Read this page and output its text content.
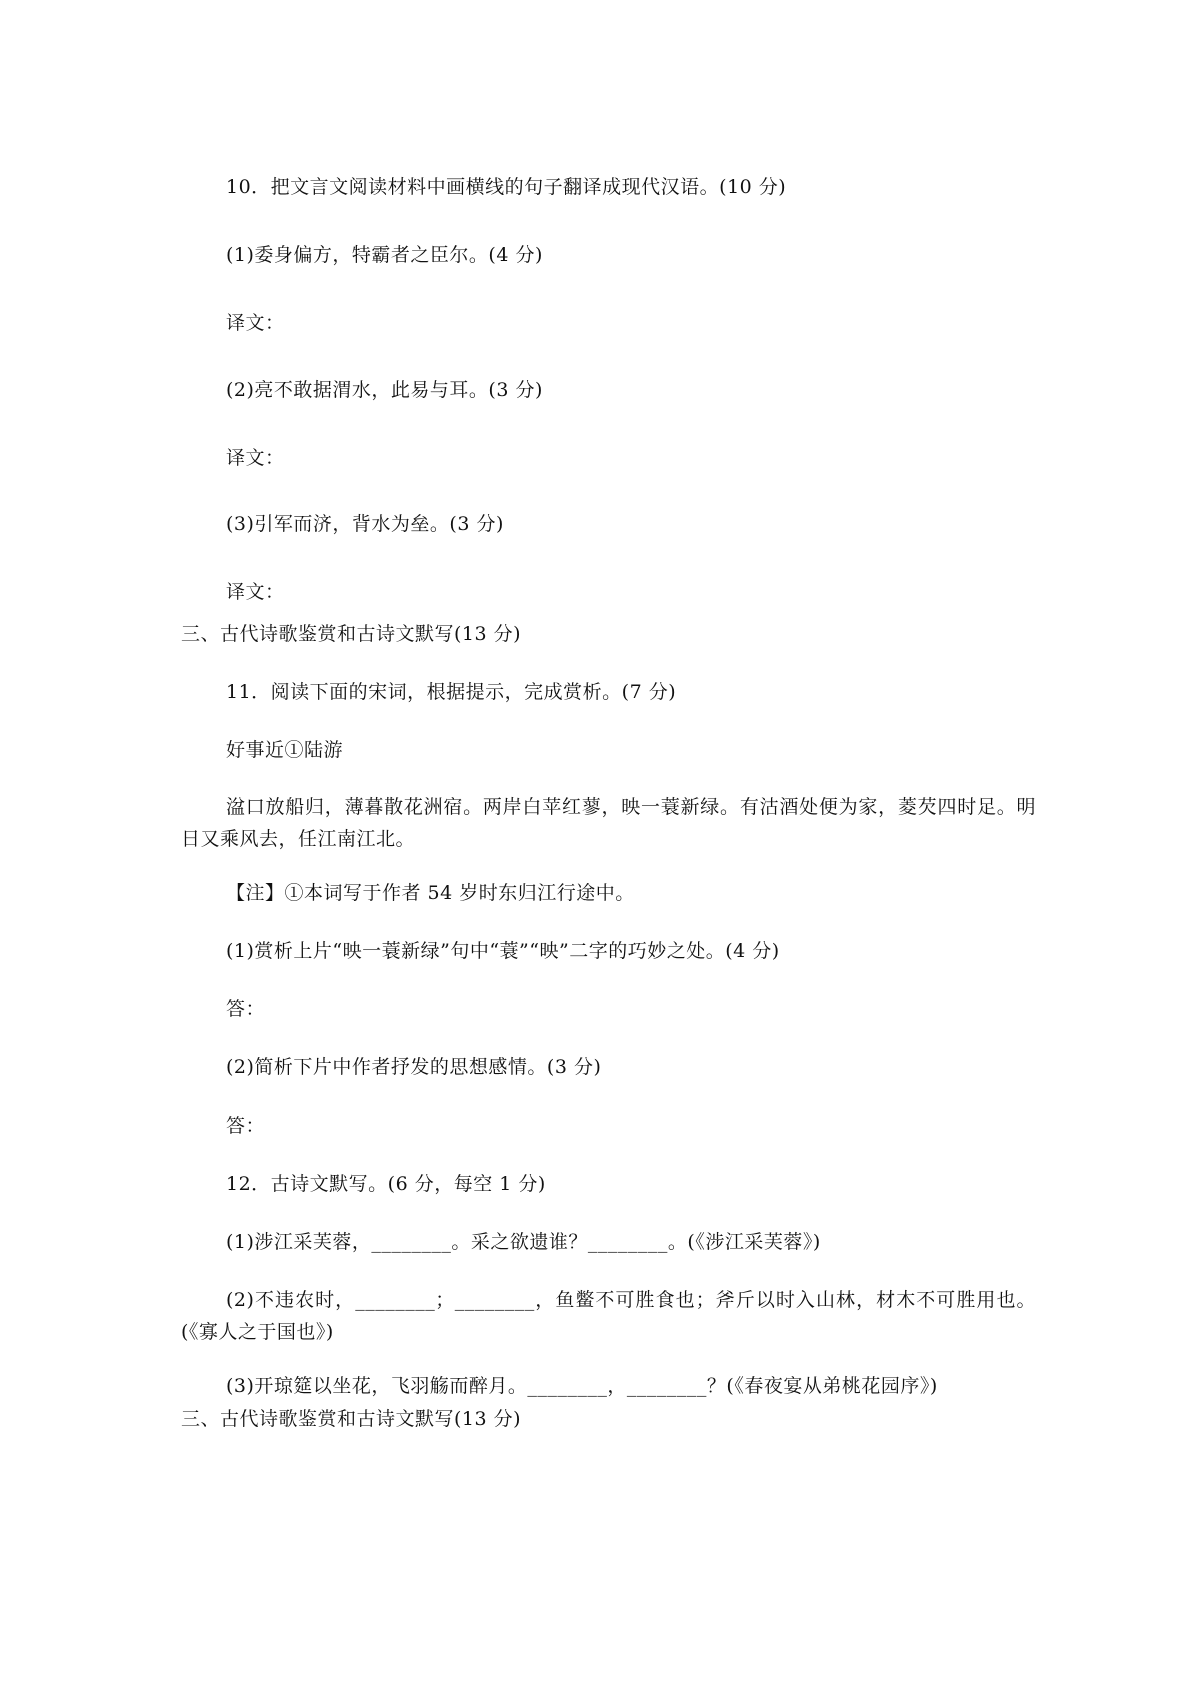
10．把文言文阅读材料中画横线的句子翻译成现代汉语。(10 分)
(1)委身偏方，特霸者之臣尔。(4 分)
译文：
(2)亮不敢据渭水，此易与耳。(3 分)
译文：
(3)引军而济，背水为垒。(3 分)
译文：
三、古代诗歌鉴赏和古诗文默写(13 分)
11．阅读下面的宋词，根据提示，完成赏析。(7 分)
好事近①陆游
湓口放船归，薄暮散花洲宿。两岸白苹红蓼，映一蓑新绿。有沽酒处便为家，菱芡四时足。明日又乘风去，任江南江北。
【注】①本词写于作者 54 岁时东归江行途中。
(1)赏析上片“映一蓑新绿”句中“蓑”“映”二字的巧妙之处。(4 分)
答：
(2)简析下片中作者抒发的思想感情。(3 分)
答：
12．古诗文默写。(6 分，每空 1 分)
(1)涉江采芙蓉，________。采之欲遗谁？________。(《涉江采芙蓉》)
(2)不违农时，________；________，鱼鳖不可胜食也；斧斤以时入山林，材木不可胜用也。(《寡人之于国也》)
(3)开琼筵以坐花，飞羽觞而醉月。________，________？(《春夜宴从弟桃花园序》)
三、古代诗歌鉴赏和古诗文默写(13 分)
